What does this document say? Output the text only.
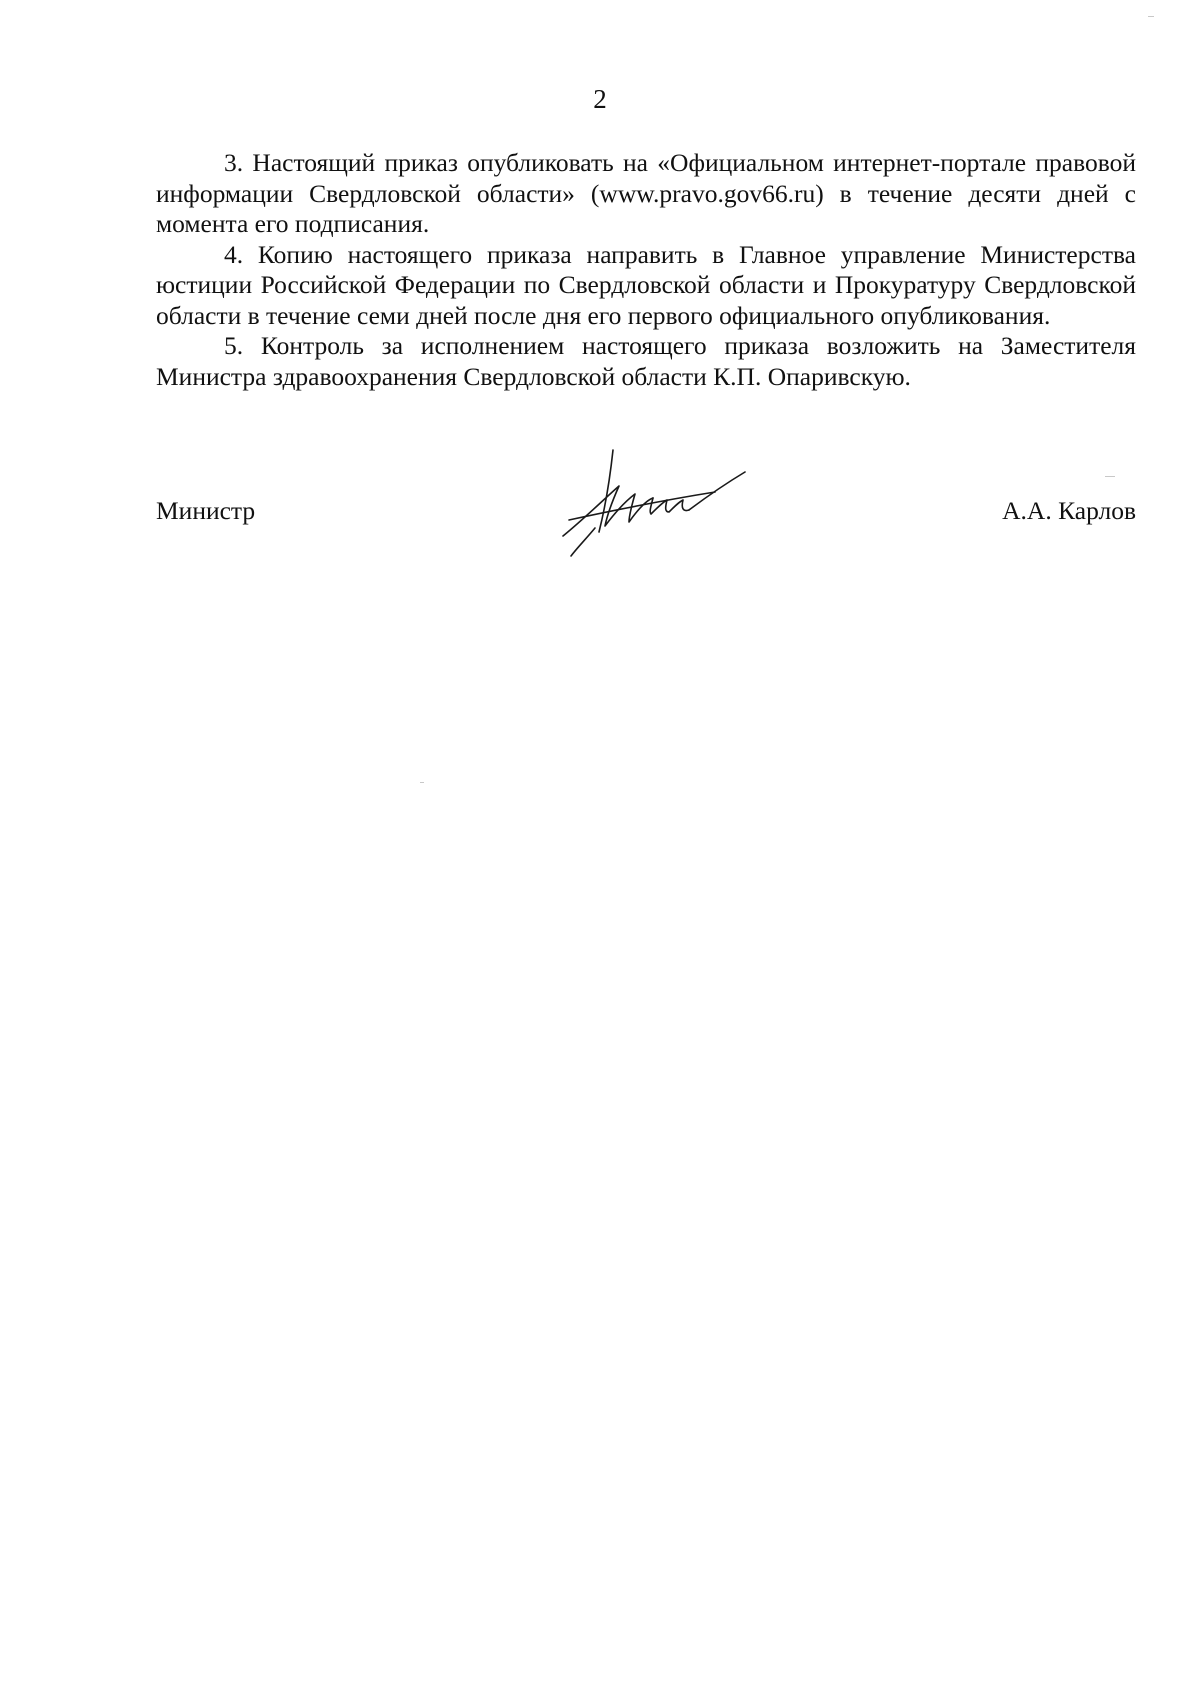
2

3. Настоящий приказ опубликовать на «Официальном интернет-портале правовой информации Свердловской области» (www.pravo.gov66.ru) в течение десяти дней с момента его подписания.

4. Копию настоящего приказа направить в Главное управление Министерства юстиции Российской Федерации по Свердловской области и Прокуратуру Свердловской области в течение семи дней после дня его первого официального опубликования.

5. Контроль за исполнением настоящего приказа возложить на Заместителя Министра здравоохранения Свердловской области К.П. Опаривскую.

Министр	А.А. Карлов
